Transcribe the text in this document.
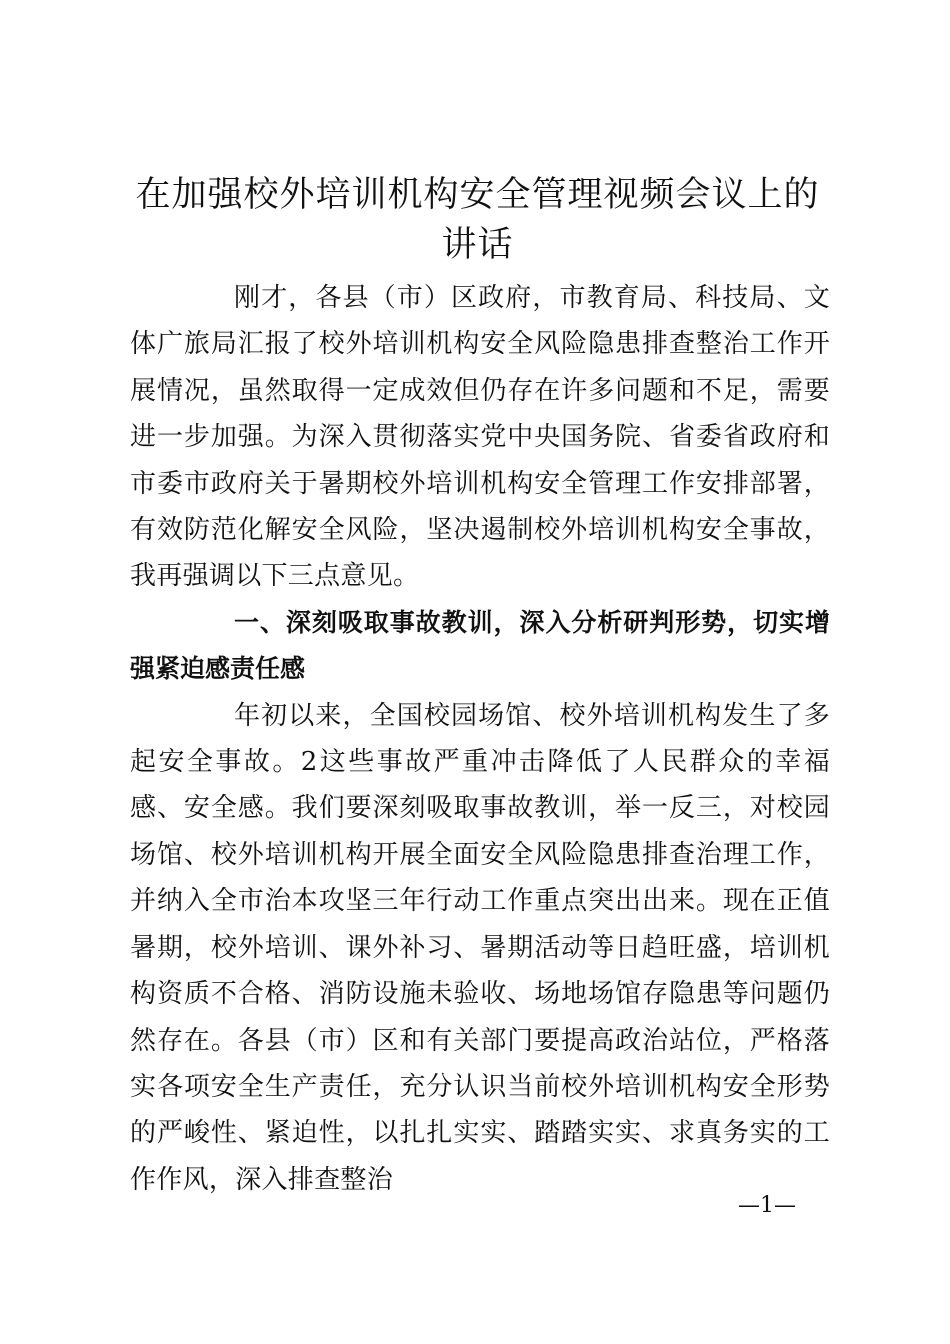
在加强校外培训机构安全管理视频会议上的讲话

刚才，各县（市）区政府，市教育局、科技局、文体广旅局汇报了校外培训机构安全风险隐患排查整治工作开展情况，虽然取得一定成效但仍存在许多问题和不足，需要进一步加强。为深入贯彻落实党中央国务院、省委省政府和市委市政府关于暑期校外培训机构安全管理工作安排部署，有效防范化解安全风险，坚决遏制校外培训机构安全事故，我再强调以下三点意见。

一、深刻吸取事故教训，深入分析研判形势，切实增强紧迫感责任感

年初以来，全国校园场馆、校外培训机构发生了多起安全事故。2这些事故严重冲击降低了人民群众的幸福感、安全感。我们要深刻吸取事故教训，举一反三，对校园场馆、校外培训机构开展全面安全风险隐患排查治理工作，并纳入全市治本攻坚三年行动工作重点突出出来。现在正值暑期，校外培训、课外补习、暑期活动等日趋旺盛，培训机构资质不合格、消防设施未验收、场地场馆存隐患等问题仍然存在。各县（市）区和有关部门要提高政治站位，严格落实各项安全生产责任，充分认识当前校外培训机构安全形势的严峻性、紧迫性，以扎扎实实、踏踏实实、求真务实的工作作风，深入排查整治

—1—
